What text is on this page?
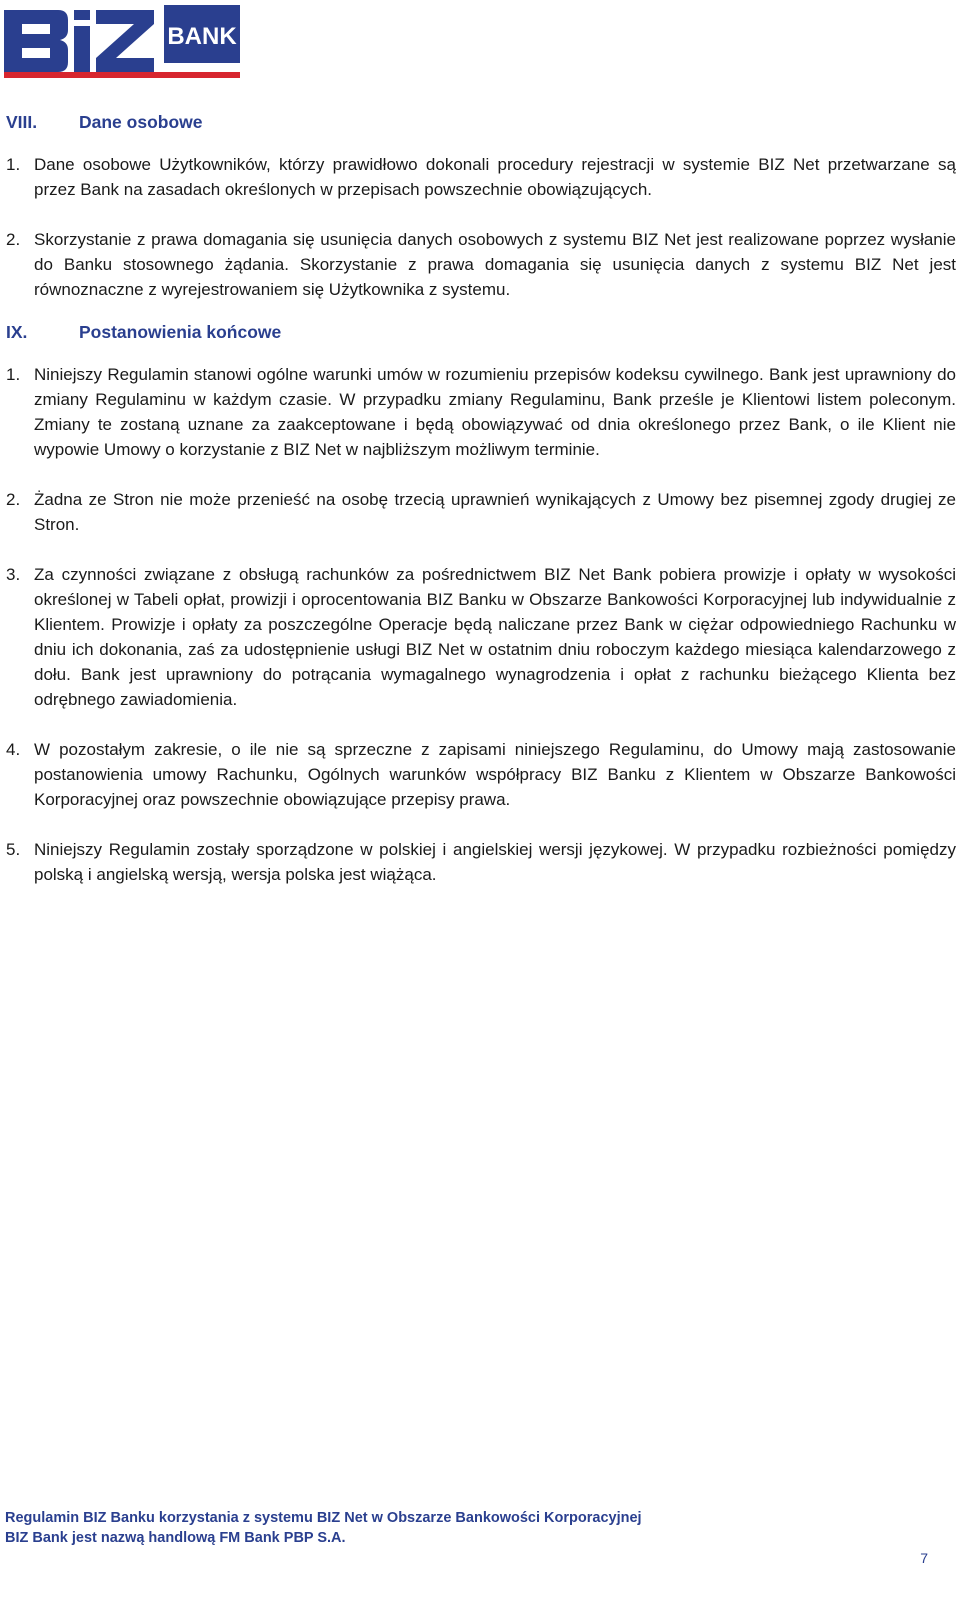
BANK
VIII.	Dane osobowe
1. Dane osobowe Użytkowników, którzy prawidłowo dokonali procedury rejestracji w systemie BIZ Net przetwarzane są przez Bank na zasadach określonych w przepisach powszechnie obowiązujących.
2. Skorzystanie z prawa domagania się usunięcia danych osobowych z systemu BIZ Net jest realizowane poprzez wysłanie do Banku stosownego żądania. Skorzystanie z prawa domagania się usunięcia danych z systemu BIZ Net jest równoznaczne z wyrejestrowaniem się Użytkownika z systemu.
IX.	Postanowienia końcowe
1. Niniejszy Regulamin stanowi ogólne warunki umów w rozumieniu przepisów kodeksu cywilnego. Bank jest uprawniony do zmiany Regulaminu w każdym czasie. W przypadku zmiany Regulaminu, Bank prześle je Klientowi listem poleconym. Zmiany te zostaną uznane za zaakceptowane i będą obowiązywać od dnia określonego przez Bank, o ile Klient nie wypowie Umowy o korzystanie z BIZ Net w najbliższym możliwym terminie.
2. Żadna ze Stron nie może przenieść na osobę trzecią uprawnień wynikających z Umowy bez pisemnej zgody drugiej ze Stron.
3. Za czynności związane z obsługą rachunków za pośrednictwem BIZ Net Bank pobiera prowizje i opłaty w wysokości określonej w Tabeli opłat, prowizji i oprocentowania BIZ Banku w Obszarze Bankowości Korporacyjnej lub indywidualnie z Klientem. Prowizje i opłaty za poszczególne Operacje będą naliczane przez Bank w ciężar odpowiedniego Rachunku w dniu ich dokonania, zaś za udostępnienie usługi BIZ Net w ostatnim dniu roboczym każdego miesiąca kalendarzowego z dołu. Bank jest uprawniony do potrącania wymagalnego wynagrodzenia i opłat z rachunku bieżącego Klienta bez odrębnego zawiadomienia.
4. W pozostałym zakresie, o ile nie są sprzeczne z zapisami niniejszego Regulaminu, do Umowy mają zastosowanie postanowienia umowy Rachunku, Ogólnych warunków współpracy BIZ Banku z Klientem w Obszarze Bankowości Korporacyjnej oraz powszechnie obowiązujące przepisy prawa.
5. Niniejszy Regulamin zostały sporządzone w polskiej i angielskiej wersji językowej. W przypadku rozbieżności pomiędzy polską i angielską wersją, wersja polska jest wiążąca.
Regulamin BIZ Banku korzystania z systemu BIZ Net w Obszarze Bankowości Korporacyjnej
BIZ Bank jest nazwą handlową FM Bank PBP S.A.
7
